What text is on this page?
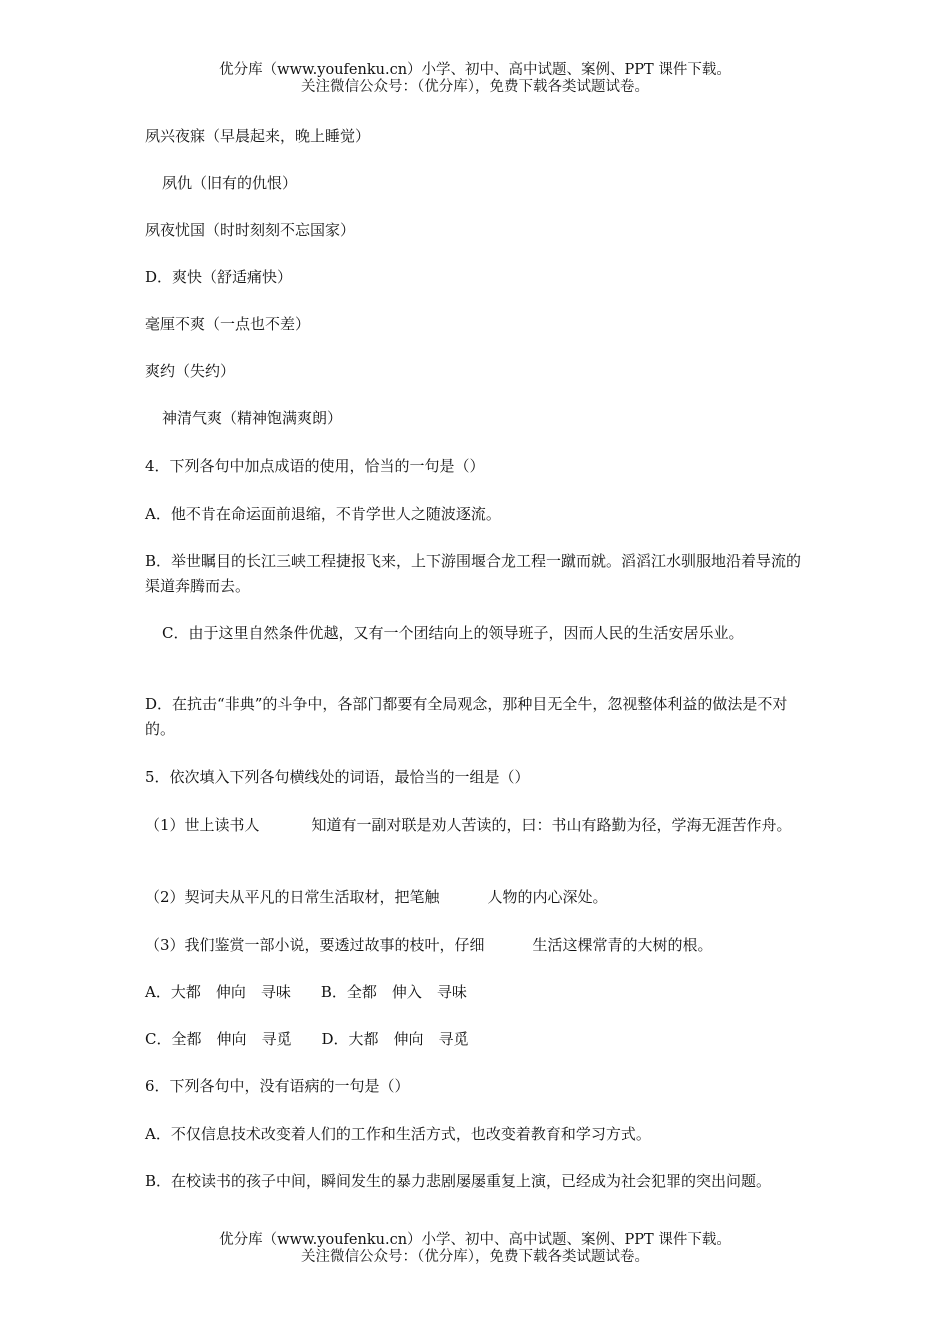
优分库（www.youfenku.cn）小学、初中、高中试题、案例、PPT 课件下载。
关注微信公众号：（优分库），免费下载各类试题试卷。
夙兴夜寐（早晨起来，晚上睡觉）
夙仇（旧有的仇恨）
夙夜忧国（时时刻刻不忘国家）
D．爽快（舒适痛快）
毫厘不爽（一点也不差）
爽约（失约）
神清气爽（精神饱满爽朗）
4．下列各句中加点成语的使用，恰当的一句是（）
A．他不肯在命运面前退缩，不肯学世人之随波逐流。
B．举世瞩目的长江三峡工程捷报飞来，上下游围堰合龙工程一蹴而就。滔滔江水驯服地沿着导流的渠道奔腾而去。
C．由于这里自然条件优越，又有一个团结向上的领导班子，因而人民的生活安居乐业。
D．在抗击“非典”的斗争中，各部门都要有全局观念，那种目无全牛，忽视整体利益的做法是不对的。
5．依次填入下列各句横线处的词语，最恰当的一组是（）
（1）世上读书人	知道有一副对联是劝人苦读的，曰：书山有路勤为径，学海无涯苦作舟。
（2）契诃夫从平凡的日常生活取材，把笔触	人物的内心深处。
（3）我们鉴赏一部小说，要透过故事的枝叶，仔细	生活这棵常青的大树的根。
A．大都　伸向　寻味　　B．全都　伸入　寻味
C．全都　伸向　寻觅　　D．大都　伸向　寻觅
6．下列各句中，没有语病的一句是（）
A．不仅信息技术改变着人们的工作和生活方式，也改变着教育和学习方式。
B．在校读书的孩子中间，瞬间发生的暴力悲剧屡屡重复上演，已经成为社会犯罪的突出问题。
优分库（www.youfenku.cn）小学、初中、高中试题、案例、PPT 课件下载。
关注微信公众号：（优分库），免费下载各类试题试卷。
